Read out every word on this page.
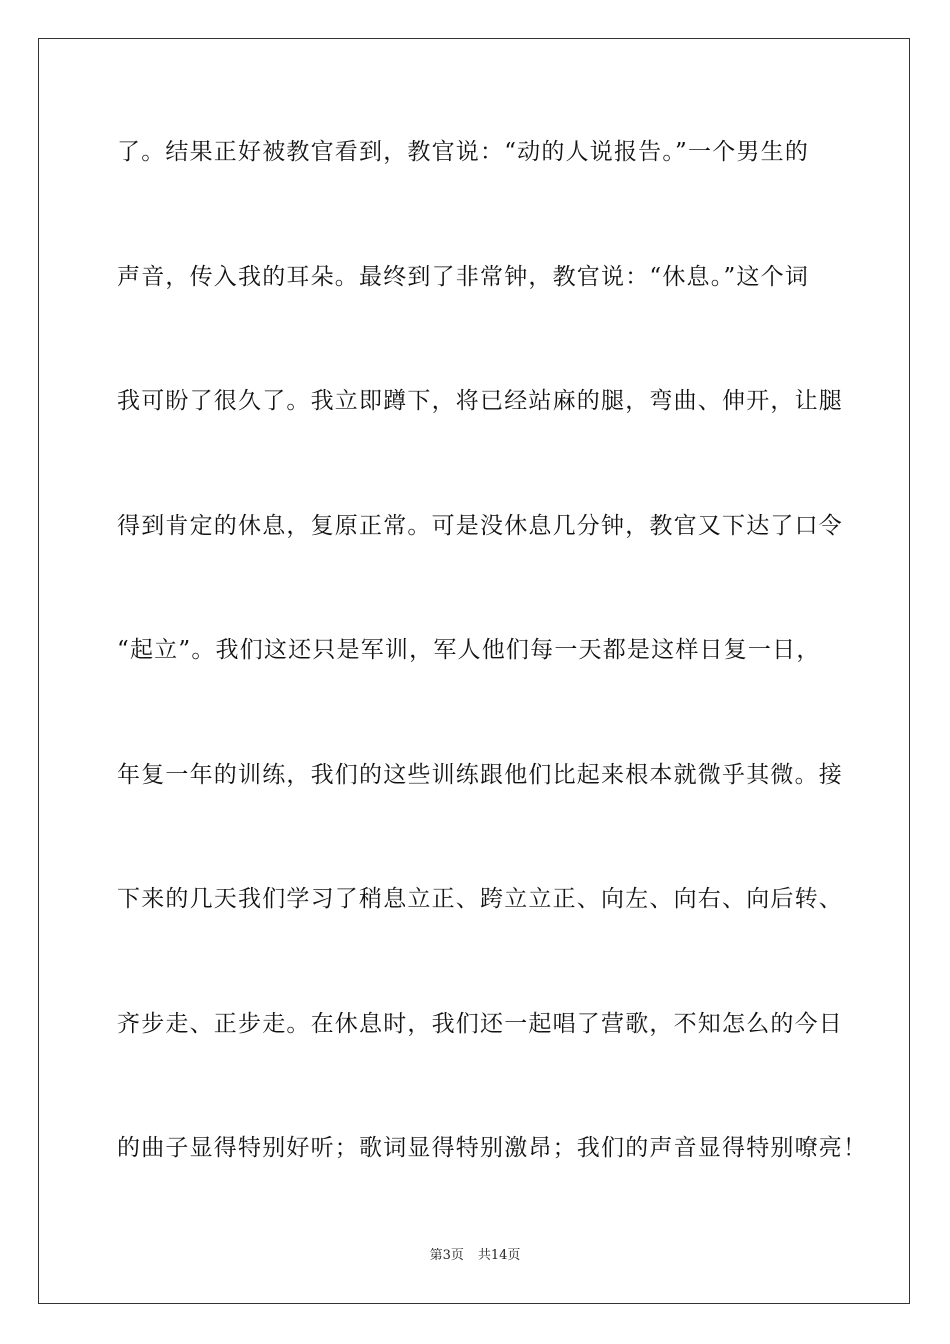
了。结果正好被教官看到，教官说：“动的人说报告。”一个男生的
声音，传入我的耳朵。最终到了非常钟，教官说：“休息。”这个词
我可盼了很久了。我立即蹲下，将已经站麻的腿，弯曲、伸开，让腿
得到肯定的休息，复原正常。可是没休息几分钟，教官又下达了口令
“起立”。我们这还只是军训，军人他们每一天都是这样日复一日，
年复一年的训练，我们的这些训练跟他们比起来根本就微乎其微。接
下来的几天我们学习了稍息立正、跨立立正、向左、向右、向后转、
齐步走、正步走。在休息时，我们还一起唱了营歌，不知怎么的今日
的曲子显得特别好听；歌词显得特别激昂；我们的声音显得特别嘹亮！
第3页 共14页
